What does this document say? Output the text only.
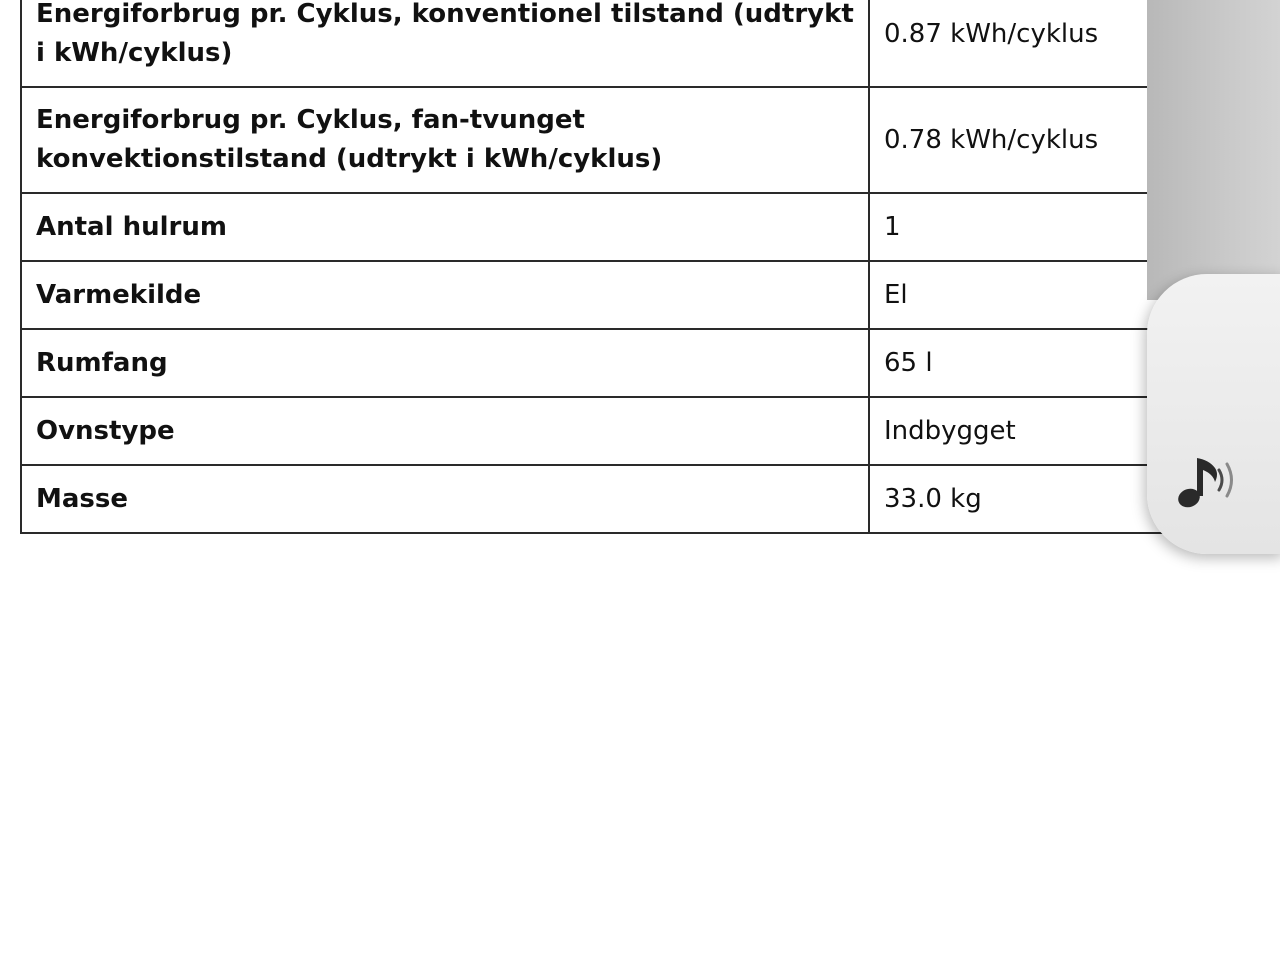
Energiforbrug pr. Cyklus, konventionel tilstand (udtrykt i kWh/cyklus)	0.87 kWh/cyklus
Energiforbrug pr. Cyklus, fan-tvunget konvektionstilstand (udtrykt i kWh/cyklus)	0.78 kWh/cyklus
Antal hulrum	1
Varmekilde	El
Rumfang	65 l
Ovnstype	Indbygget
Masse	33.0 kg
